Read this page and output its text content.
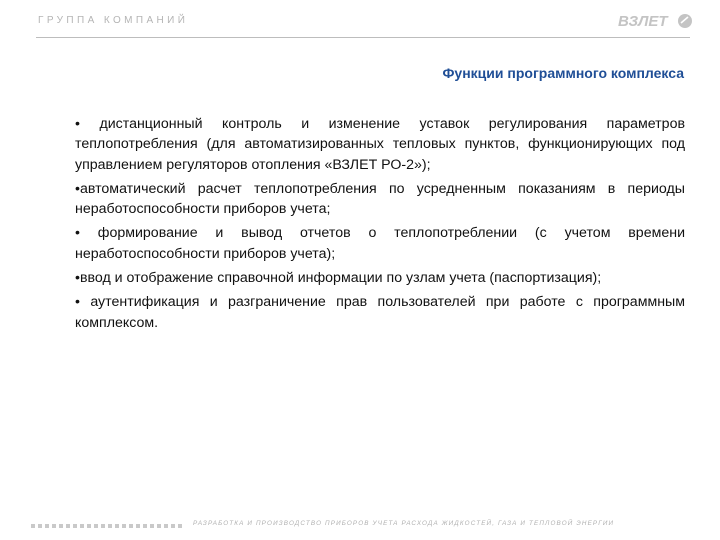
ГРУППА КОМПАНИЙ	ВЗЛЕТ
Функции программного комплекса

• дистанционный контроль и изменение уставок регулирования параметров теплопотребления (для автоматизированных тепловых пунктов, функционирующих под управлением регуляторов отопления «ВЗЛЕТ РО-2»);

•автоматический расчет теплопотребления по усредненным показаниям в периоды неработоспособности приборов учета;

• формирование и вывод отчетов о теплопотреблении (с учетом времени неработоспособности приборов учета);

•ввод и отображение справочной информации по узлам учета (паспортизация);

• аутентификация и разграничение прав пользователей при работе с программным комплексом.

РАЗРАБОТКА И ПРОИЗВОДСТВО ПРИБОРОВ УЧЕТА РАСХОДА ЖИДКОСТЕЙ, ГАЗА И ТЕПЛОВОЙ ЭНЕРГИИ
